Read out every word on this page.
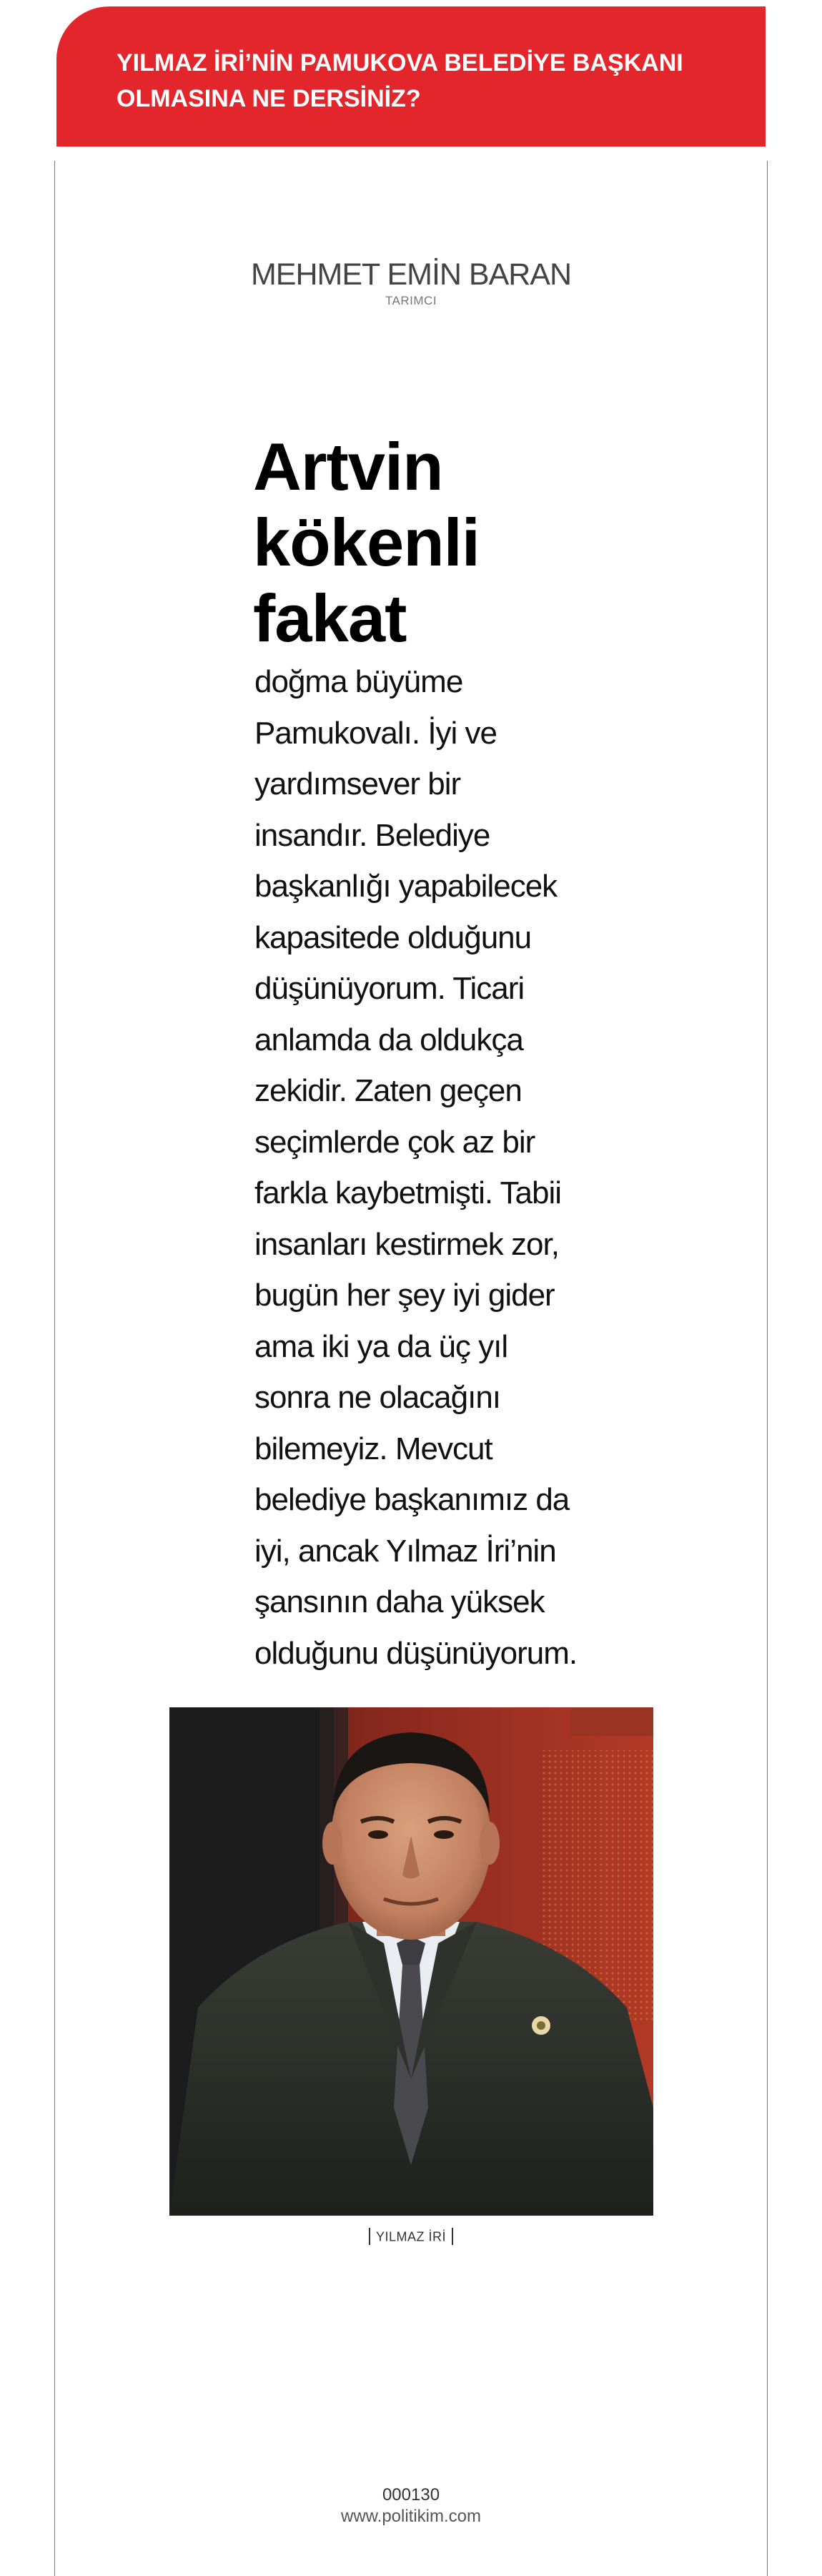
YILMAZ İRİ’NİN PAMUKOVA BELEDİYE BAŞKANI OLMASINA NE DERSİNİZ?

MEHMET EMİN BARAN

TARIMCI

Artvin kökenli fakat

doğma büyüme
Pamukovalı. İyi ve
yardımsever bir
insandır. Belediye
başkanlığı yapabilecek
kapasitede olduğunu
düşünüyorum. Ticari
anlamda da oldukça
zekidir. Zaten geçen
seçimlerde çok az bir
farkla kaybetmişti. Tabii
insanları kestirmek zor,
bugün her şey iyi gider
ama iki ya da üç yıl
sonra ne olacağını
bilemeyiz. Mevcut
belediye başkanımız da
iyi, ancak Yılmaz İri’nin
şansının daha yüksek
olduğunu düşünüyorum.

YILMAZ İRİ

000130

www.politikim.com
